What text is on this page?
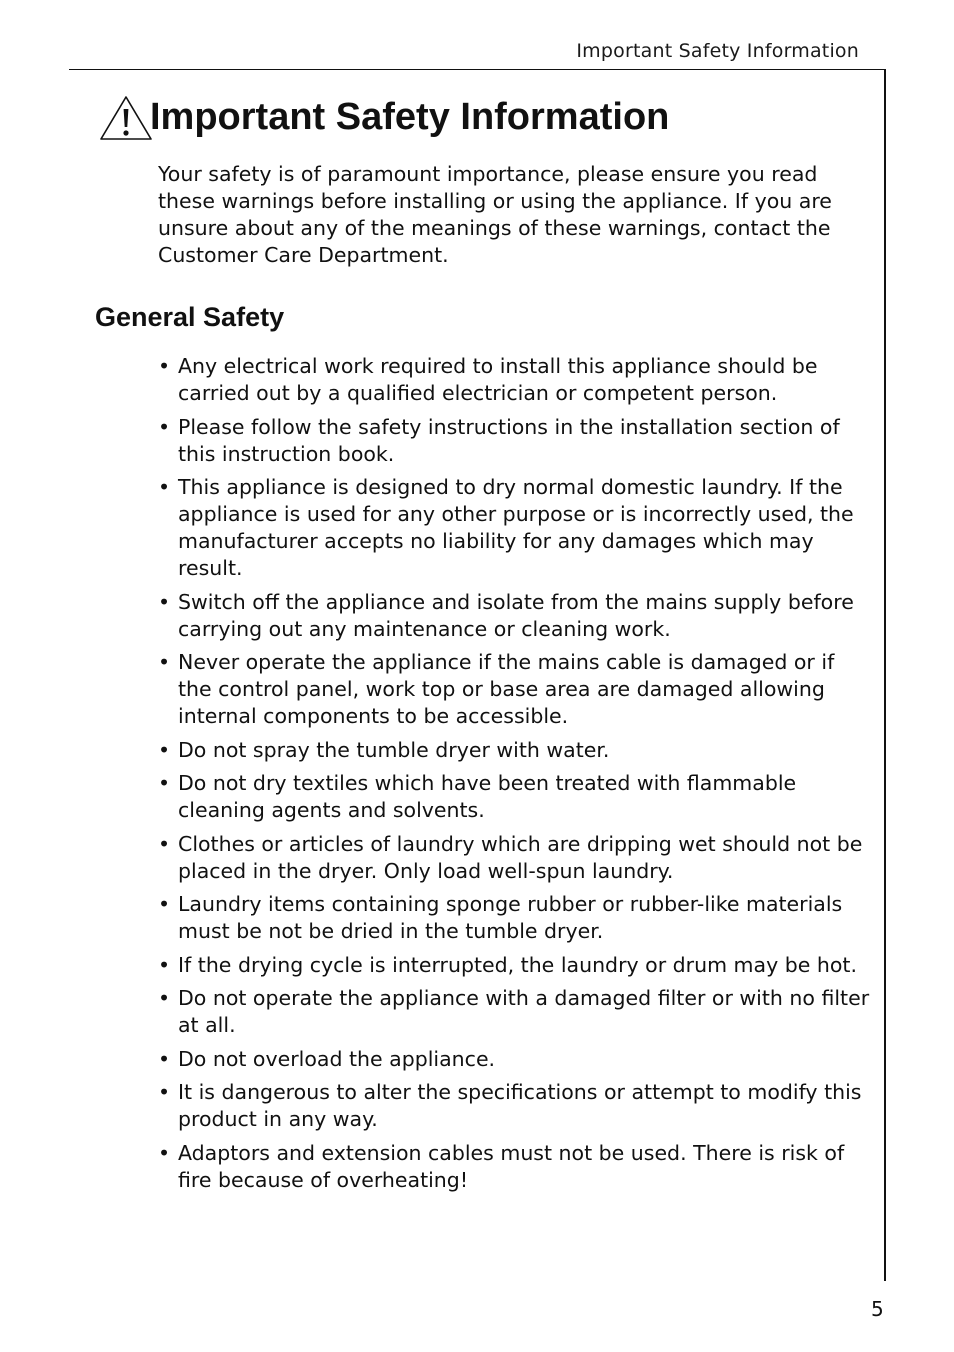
Important Safety Information
Important Safety Information

Your safety is of paramount importance, please ensure you read these warnings before installing or using the appliance. If you are unsure about any of the meanings of these warnings, contact the Customer Care Department.

General Safety
• Any electrical work required to install this appliance should be carried out by a qualified electrician or competent person.
• Please follow the safety instructions in the installation section of this instruction book.
• This appliance is designed to dry normal domestic laundry. If the appliance is used for any other purpose or is incorrectly used, the manufacturer accepts no liability for any damages which may result.
• Switch off the appliance and isolate from the mains supply before carrying out any maintenance or cleaning work.
• Never operate the appliance if the mains cable is damaged or if the control panel, work top or base area are damaged allowing internal components to be accessible.
• Do not spray the tumble dryer with water.
• Do not dry textiles which have been treated with flammable cleaning agents and solvents.
• Clothes or articles of laundry which are dripping wet should not be placed in the dryer. Only load well-spun laundry.
• Laundry items containing sponge rubber or rubber-like materials must be not be dried in the tumble dryer.
• If the drying cycle is interrupted, the laundry or drum may be hot.
• Do not operate the appliance with a damaged filter or with no filter at all.
• Do not overload the appliance.
• It is dangerous to alter the specifications or attempt to modify this product in any way.
• Adaptors and extension cables must not be used. There is risk of fire because of overheating!
5
